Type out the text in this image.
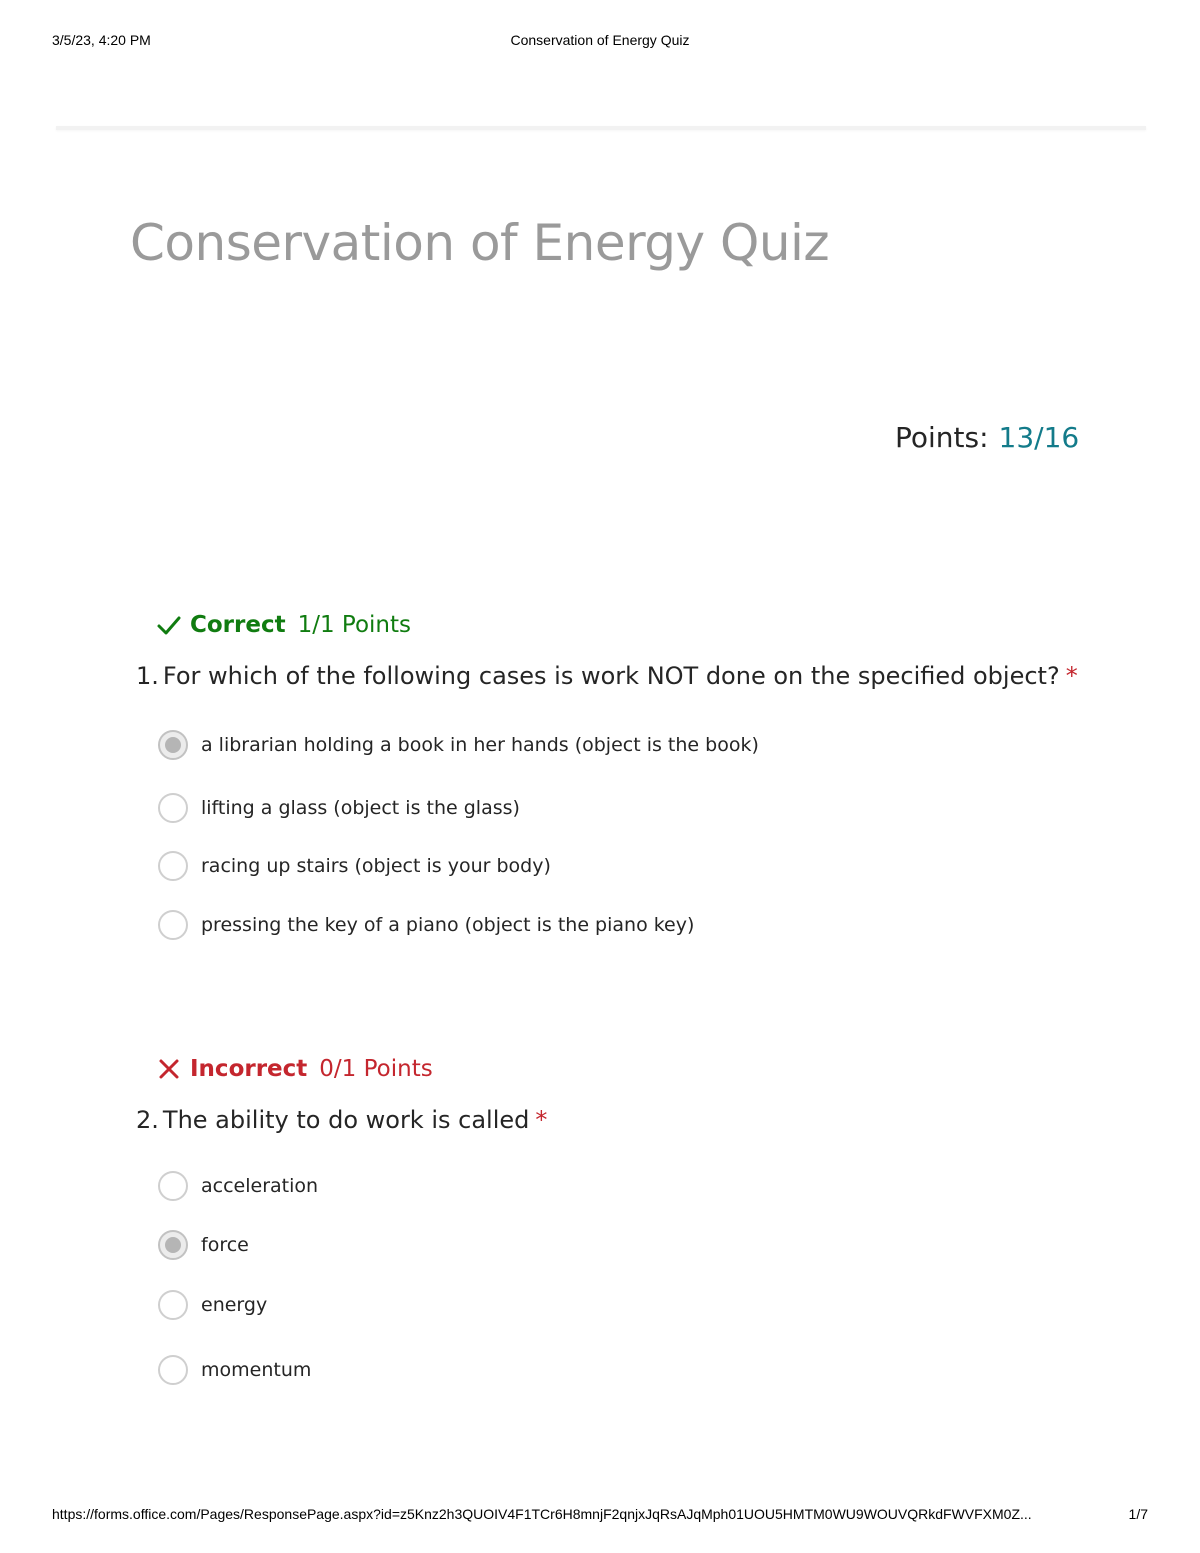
3/5/23, 4:20 PM	Conservation of Energy Quiz
Conservation of Energy Quiz
Points: 13/16
Correct 1/1 Points
1. For which of the following cases is work NOT done on the specified object? *
a librarian holding a book in her hands (object is the book)
lifting a glass (object is the glass)
racing up stairs (object is your body)
pressing the key of a piano (object is the piano key)
Incorrect 0/1 Points
2. The ability to do work is called *
acceleration
force
energy
momentum
https://forms.office.com/Pages/ResponsePage.aspx?id=z5Knz2h3QUOIV4F1TCr6H8mnjF2qnjxJqRsAJqMph01UOU5HMTM0WU9WOUVQRkdFWVFXM0Z...	1/7
